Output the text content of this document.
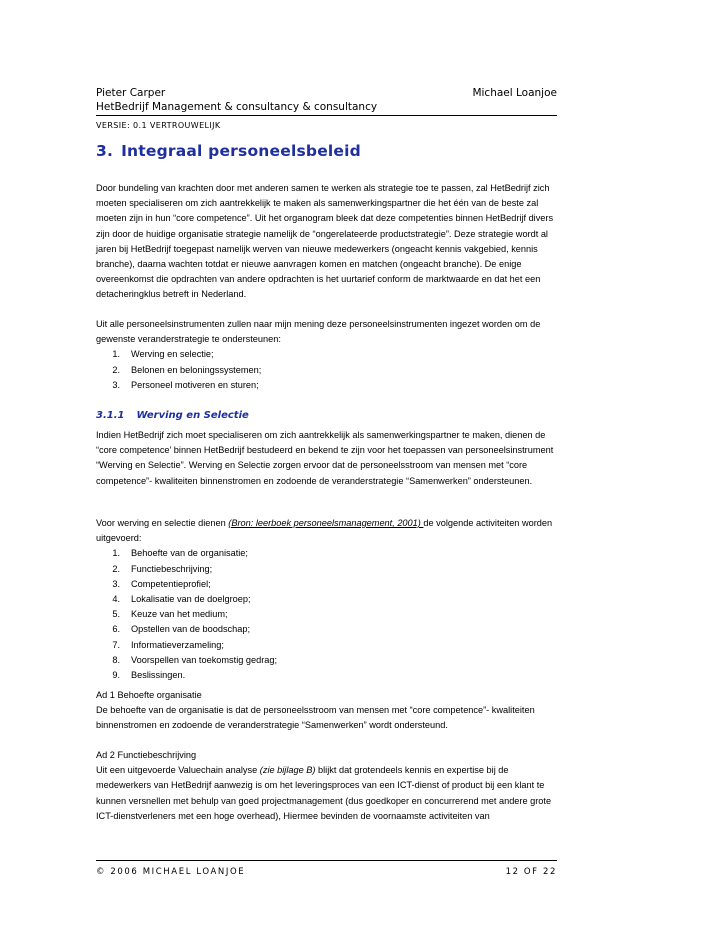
Pieter Carper	Michael Loanjoe
HetBedrijf Management & consultancy & consultancy
VERSIE: 0.1 VERTROUWELIJK
3. Integraal personeelsbeleid

Door bundeling van krachten door met anderen samen te werken als strategie toe te passen, zal HetBedrijf zich moeten specialiseren om zich aantrekkelijk te maken als samenwerkingspartner die het één van de beste zal moeten zijn in hun “core competence”. Uit het organogram bleek dat deze competenties binnen HetBedrijf divers zijn door de huidige organisatie strategie namelijk de “ongerelateerde productstrategie”. Deze strategie wordt al jaren bij HetBedrijf toegepast namelijk werven van nieuwe medewerkers (ongeacht kennis vakgebied, kennis branche), daarna wachten totdat er nieuwe aanvragen komen en matchen (ongeacht branche). De enige overeenkomst die opdrachten van andere opdrachten is het uurtarief conform de marktwaarde en dat het een detacheringklus betreft in Nederland.

Uit alle personeelsinstrumenten zullen naar mijn mening deze personeelsinstrumenten ingezet worden om de gewenste veranderstrategie te ondersteunen:

1.	Werving en selectie;
2.	Belonen en beloningssystemen;
3.	Personeel motiveren en sturen;
3.1.1 Werving en Selectie

Indien HetBedrijf zich moet specialiseren om zich aantrekkelijk als samenwerkingspartner te maken, dienen de “core competence’ binnen HetBedrijf bestudeerd en bekend te zijn voor het toepassen van personeelsinstrument “Werving en Selectie”. Werving en Selectie zorgen ervoor dat de personeelsstroom van mensen met “core competence”- kwaliteiten binnenstromen en zodoende de veranderstrategie “Samenwerken” ondersteunen.

Voor werving en selectie dienen (Bron: leerboek personeelsmanagement, 2001) de volgende activiteiten worden uitgevoerd:

1.	Behoefte van de organisatie;
2.	Functiebeschrijving;
3.	Competentieprofiel;
4.	Lokalisatie van de doelgroep;
5.	Keuze van het medium;
6.	Opstellen van de boodschap;
7.	Informatieverzameling;
8.	Voorspellen van toekomstig gedrag;
9.	Beslissingen.

Ad 1 Behoefte organisatie

De behoefte van de organisatie is dat de personeelsstroom van mensen met “core competence”- kwaliteiten binnenstromen en zodoende de veranderstrategie “Samenwerken” wordt ondersteund.

Ad 2 Functiebeschrijving

Uit een uitgevoerde Valuechain analyse (zie bijlage B) blijkt dat grotendeels kennis en expertise bij de medewerkers van HetBedrijf aanwezig is om het leveringsproces van een ICT-dienst of product bij een klant te kunnen versnellen met behulp van goed projectmanagement (dus goedkoper en concurrerend met andere grote ICT-dienstverleners met een hoge overhead), Hiermee bevinden de voornaamste activiteiten van

© 2006 MICHAEL LOANJOE	12 OF 22
